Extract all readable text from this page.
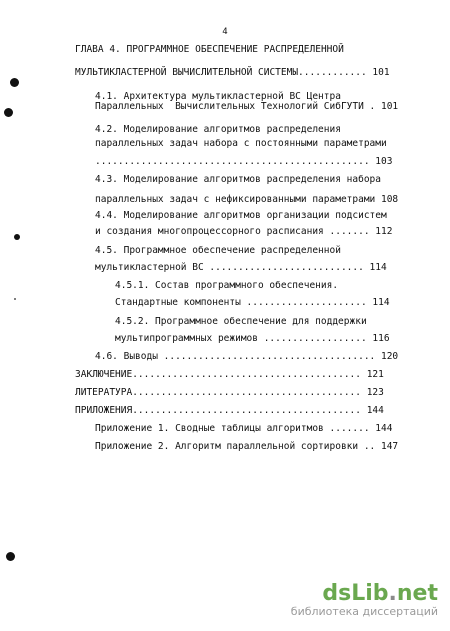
4
ГЛАВА 4. ПРОГРАММНОЕ ОБЕСПЕЧЕНИЕ РАСПРЕДЕЛЕННОЙ
МУЛЬТИКЛАСТЕРНОЙ ВЫЧИСЛИТЕЛЬНОЙ СИСТЕМЫ............ 101
4.1. Архитектура мультикластерной ВС Центра
Параллельных  Вычислительных Технологий СибГУТИ . 101
4.2. Моделирование алгоритмов распределения
параллельных задач набора с постоянными параметрами
................................................ 103
4.3. Моделирование алгоритмов распределения набора
параллельных задач с нефиксированными параметрами 108
4.4. Моделирование алгоритмов организации подсистем
и создания многопроцессорного расписания ....... 112
4.5. Программное обеспечение распределенной
мультикластерной ВС ........................... 114
4.5.1. Состав программного обеспечения.
Стандартные компоненты ..................... 114
4.5.2. Программное обеспечение для поддержки
мультипрограммных режимов .................. 116
4.6. Выводы ..................................... 120
ЗАКЛЮЧЕНИЕ........................................ 121
ЛИТЕРАТУРА........................................ 123
ПРИЛОЖЕНИЯ........................................ 144
Приложение 1. Сводные таблицы алгоритмов ....... 144
Приложение 2. Алгоритм параллельной сортировки .. 147
dsLib.net
библиотека диссертаций
